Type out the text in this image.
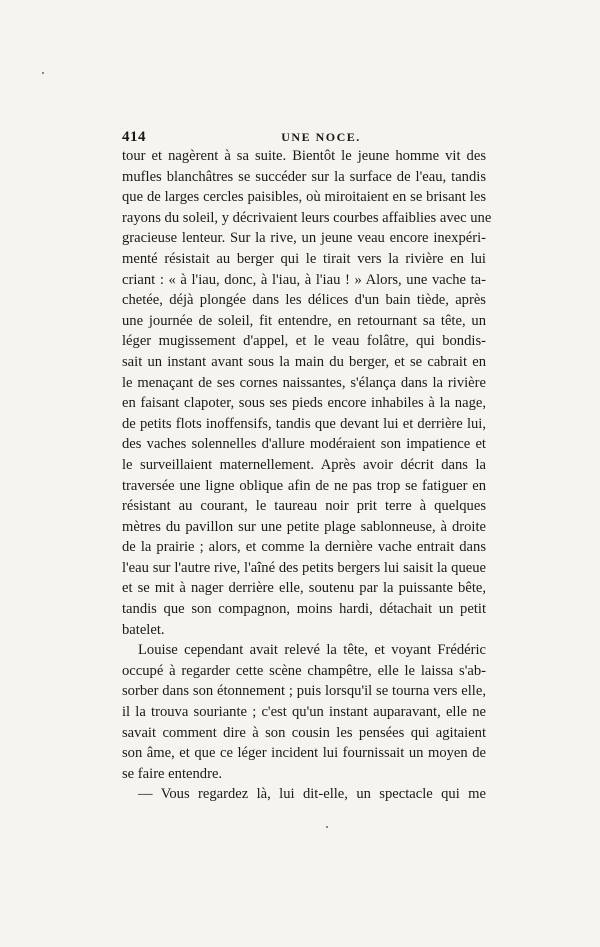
414	UNE NOCE.
tour et nagèrent à sa suite. Bientôt le jeune homme vit des
mufles blanchâtres se succéder sur la surface de l'eau, tandis
que de larges cercles paisibles, où miroitaient en se brisant les
rayons du soleil, y décrivaient leurs courbes affaiblies avec une
gracieuse lenteur. Sur la rive, un jeune veau encore inexpéri-
menté résistait au berger qui le tirait vers la rivière en lui
criant : « à l'iau, donc, à l'iau, à l'iau ! » Alors, une vache ta-
chetée, déjà plongée dans les délices d'un bain tiède, après
une journée de soleil, fit entendre, en retournant sa tête, un
léger mugissement d'appel, et le veau folâtre, qui bondis-
sait un instant avant sous la main du berger, et se cabrait en
le menaçant de ses cornes naissantes, s'élança dans la rivière
en faisant clapoter, sous ses pieds encore inhabiles à la nage,
de petits flots inoffensifs, tandis que devant lui et derrière lui,
des vaches solennelles d'allure modéraient son impatience et
le surveillaient maternellement. Après avoir décrit dans la
traversée une ligne oblique afin de ne pas trop se fatiguer en
résistant au courant, le taureau noir prit terre à quelques
mètres du pavillon sur une petite plage sablonneuse, à droite
de la prairie ; alors, et comme la dernière vache entrait dans
l'eau sur l'autre rive, l'aîné des petits bergers lui saisit la queue
et se mit à nager derrière elle, soutenu par la puissante bête,
tandis que son compagnon, moins hardi, détachait un petit
batelet.
Louise cependant avait relevé la tête, et voyant Frédéric
occupé à regarder cette scène champêtre, elle le laissa s'ab-
sorber dans son étonnement ; puis lorsqu'il se tourna vers elle,
il la trouva souriante ; c'est qu'un instant auparavant, elle ne
savait comment dire à son cousin les pensées qui agitaient
son âme, et que ce léger incident lui fournissait un moyen de
se faire entendre.
— Vous regardez là, lui dit-elle, un spectacle qui me
